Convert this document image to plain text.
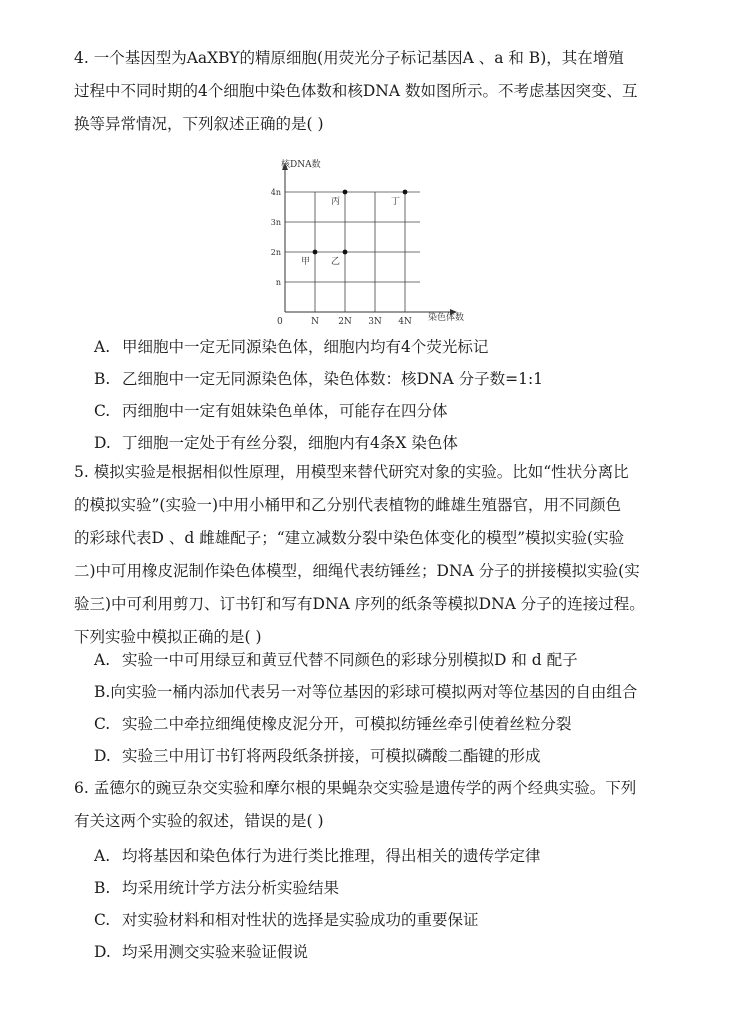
4. 一个基因型为AaXBY的精原细胞(用荧光分子标记基因A 、a 和 B)，其在增殖
过程中不同时期的4个细胞中染色体数和核DNA 数如图所示。不考虑基因突变、互
换等异常情况，下列叙述正确的是( )
核DNA数
染色体数
0	N 2N 3N 4N
n
2n
3n
4n
甲 乙
丙	丁
A. 甲细胞中一定无同源染色体，细胞内均有4个荧光标记
B. 乙细胞中一定无同源染色体，染色体数：核DNA 分子数=1:1
C. 丙细胞中一定有姐妹染色单体，可能存在四分体
D. 丁细胞一定处于有丝分裂，细胞内有4条X 染色体
5. 模拟实验是根据相似性原理，用模型来替代研究对象的实验。比如“性状分离比
的模拟实验”(实验一)中用小桶甲和乙分别代表植物的雌雄生殖器官，用不同颜色
的彩球代表D 、d 雌雄配子；“建立减数分裂中染色体变化的模型”模拟实验(实验
二)中可用橡皮泥制作染色体模型，细绳代表纺锤丝；DNA 分子的拼接模拟实验(实
验三)中可利用剪刀、订书钉和写有DNA 序列的纸条等模拟DNA 分子的连接过程。
下列实验中模拟正确的是( )
A. 实验一中可用绿豆和黄豆代替不同颜色的彩球分别模拟D 和 d 配子
B.向实验一桶内添加代表另一对等位基因的彩球可模拟两对等位基因的自由组合
C. 实验二中牵拉细绳使橡皮泥分开，可模拟纺锤丝牵引使着丝粒分裂
D. 实验三中用订书钉将两段纸条拼接，可模拟磷酸二酯键的形成
6. 孟德尔的豌豆杂交实验和摩尔根的果蝇杂交实验是遗传学的两个经典实验。下列
有关这两个实验的叙述，错误的是( )
A. 均将基因和染色体行为进行类比推理，得出相关的遗传学定律
B. 均采用统计学方法分析实验结果
C. 对实验材料和相对性状的选择是实验成功的重要保证
D. 均采用测交实验来验证假说
